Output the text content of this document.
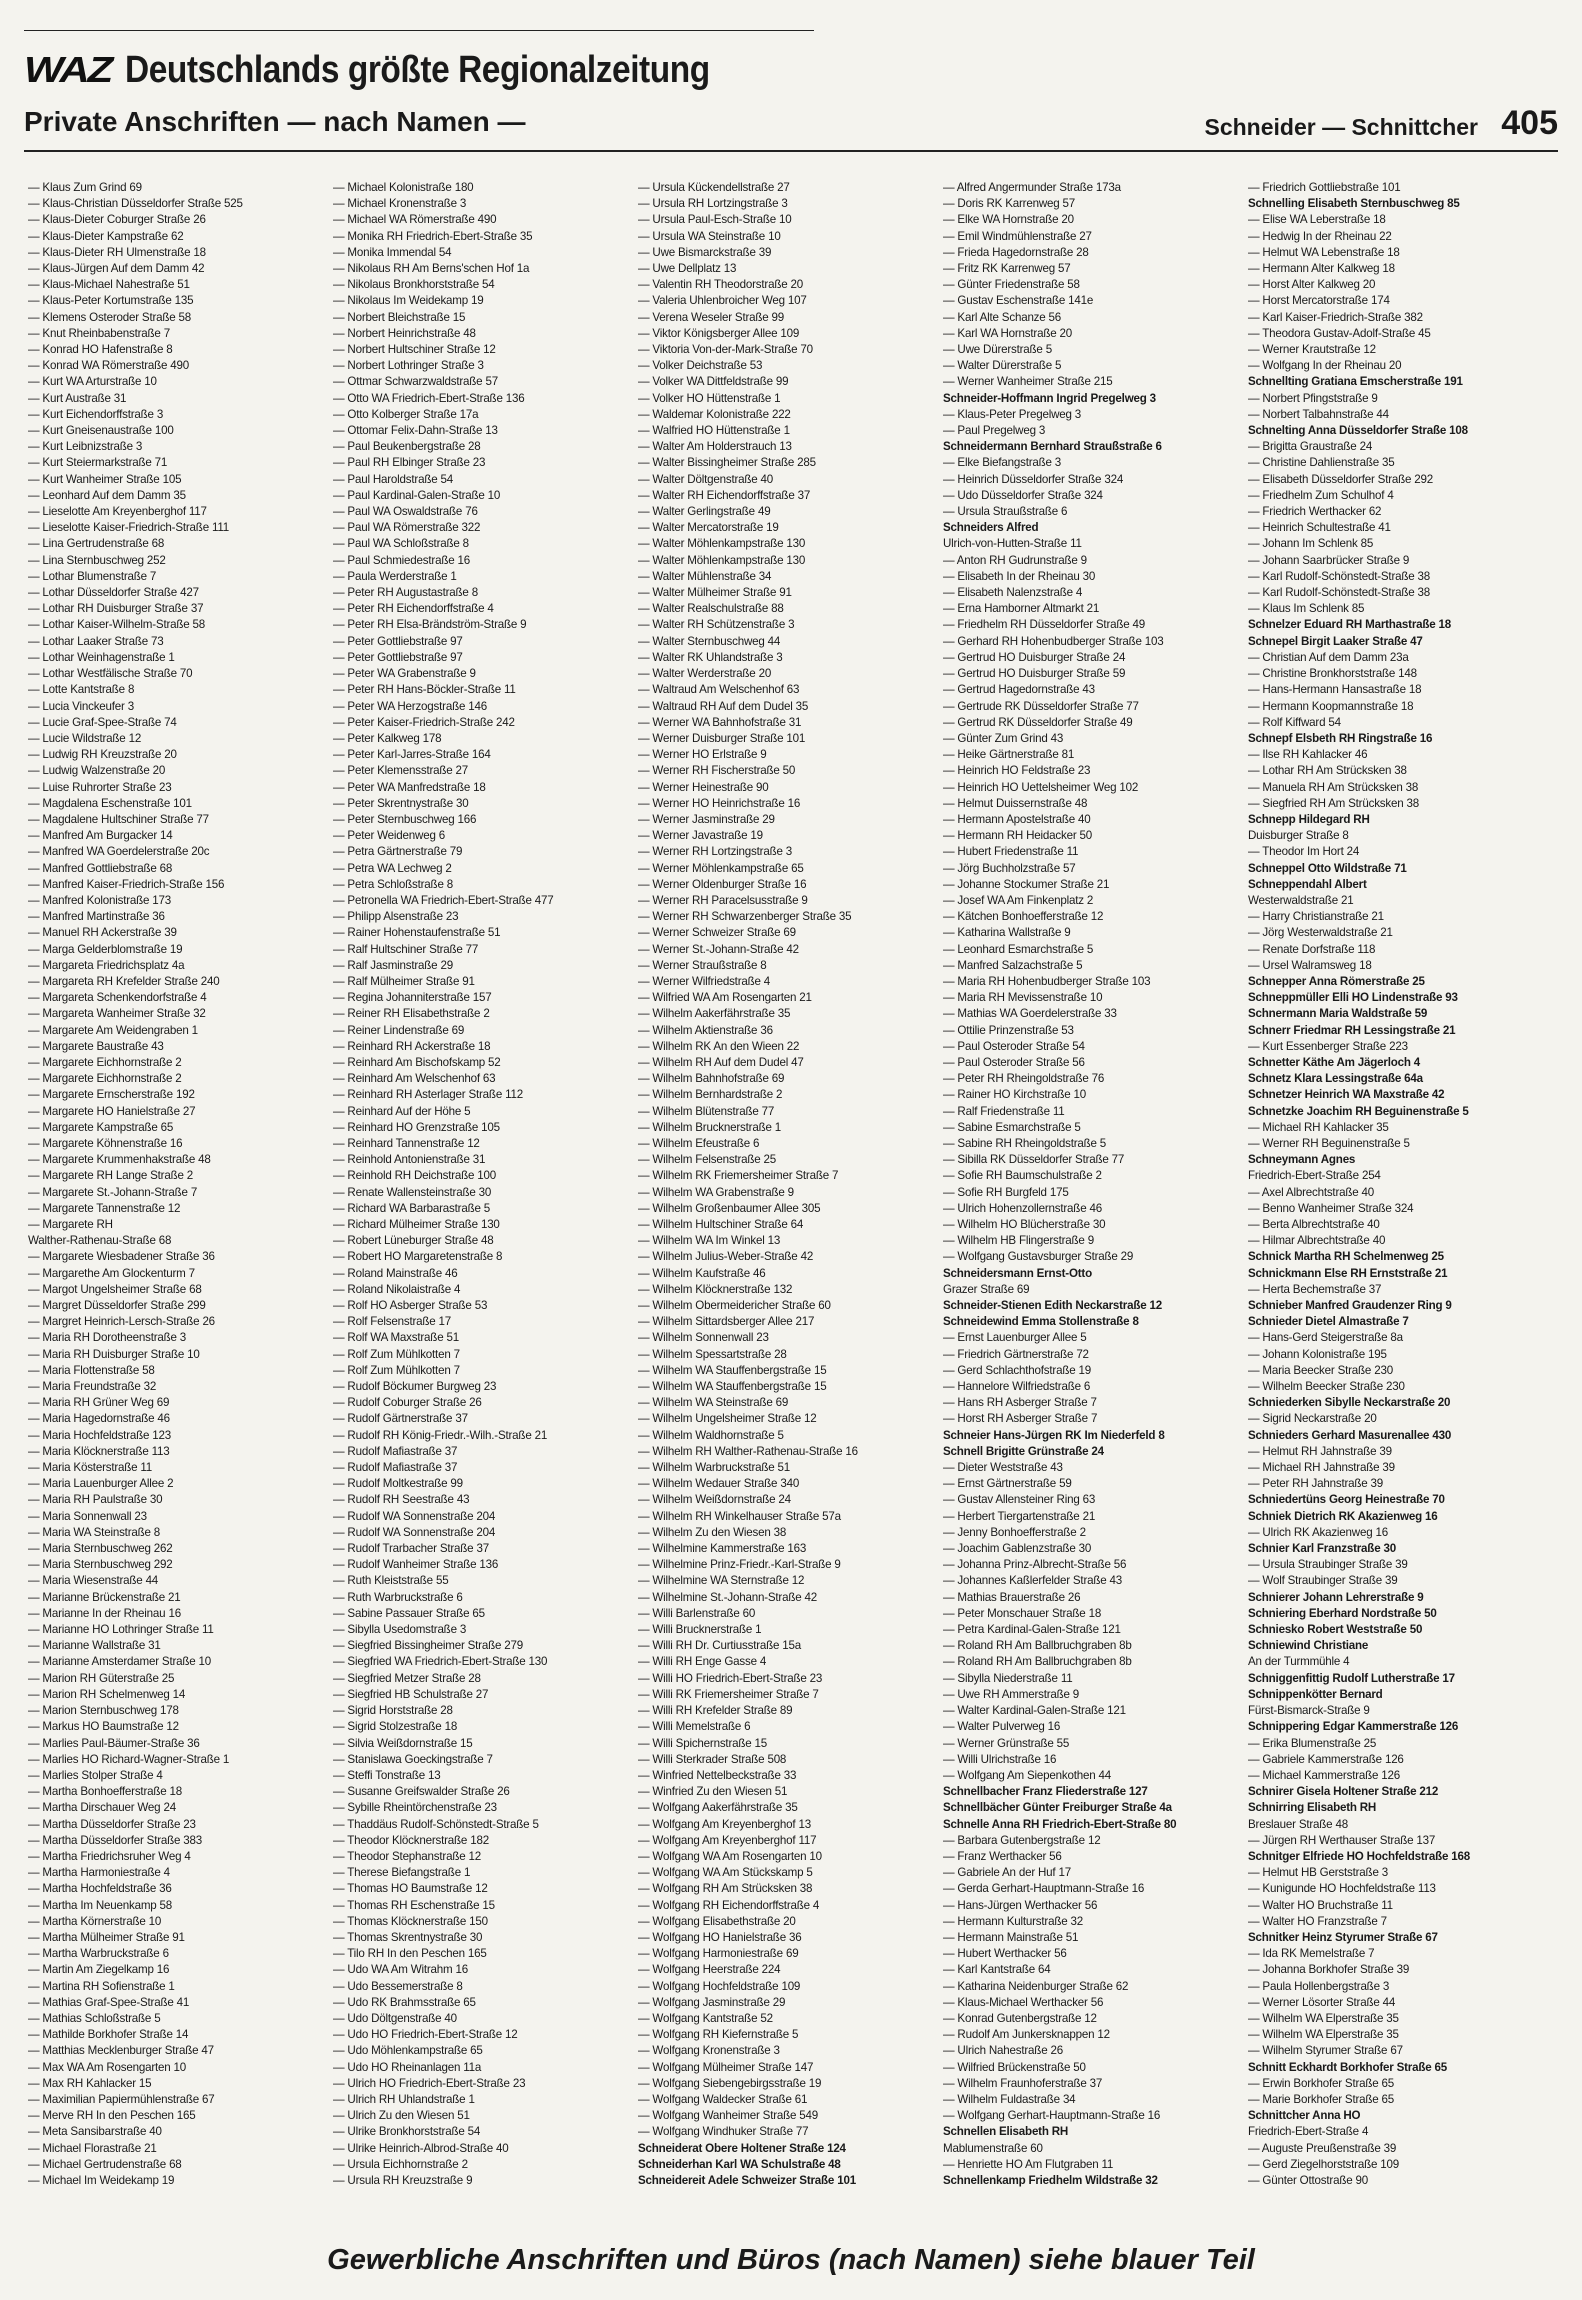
WAZ Deutschlands größte Regionalzeitung
Private Anschriften — nach Namen —	Schneider — Schnittcher 405
— Klaus Zum Grind 69
— Klaus-Christian Düsseldorfer Straße 525
— Klaus-Dieter Coburger Straße 26
— Klaus-Dieter Kampstraße 62
— Klaus-Dieter RH Ulmenstraße 18
— Klaus-Jürgen Auf dem Damm 42
— Klaus-Michael Nahestraße 51
— Klaus-Peter Kortumstraße 135
— Klemens Osteroder Straße 58
— Knut Rheinbabenstraße 7
— Konrad HO Hafenstraße 8
— Konrad WA Römerstraße 490
— Kurt WA Arturstraße 10
— Kurt Austraße 31
— Kurt Eichendorffstraße 3
— Kurt Gneisenaustraße 100
— Kurt Leibnizstraße 3
— Kurt Steiermarkstraße 71
— Kurt Wanheimer Straße 105
— Leonhard Auf dem Damm 35
— Lieselotte Am Kreyenberghof 117
— Lieselotte Kaiser-Friedrich-Straße 111
— Lina Gertrudenstraße 68
— Lina Sternbuschweg 252
— Lothar Blumenstraße 7
— Lothar Düsseldorfer Straße 427
— Lothar RH Duisburger Straße 37
— Lothar Kaiser-Wilhelm-Straße 58
— Lothar Laaker Straße 73
— Lothar Weinhagenstraße 1
— Lothar Westfälische Straße 70
— Lotte Kantstraße 8
— Lucia Vinckeufer 3
— Lucie Graf-Spee-Straße 74
— Lucie Wildstraße 12
— Ludwig RH Kreuzstraße 20
— Ludwig Walzenstraße 20
— Luise Ruhrorter Straße 23
— Magdalena Eschenstraße 101
— Magdalene Hultschiner Straße 77
— Manfred Am Burgacker 14
— Manfred WA Goerdelerstraße 20c
— Manfred Gottliebstraße 68
— Manfred Kaiser-Friedrich-Straße 156
— Manfred Kolonistraße 173
— Manfred Martinstraße 36
— Manuel RH Ackerstraße 39
— Marga Gelderblomstraße 19
— Margareta Friedrichsplatz 4a
— Margareta RH Krefelder Straße 240
— Margareta Schenkendorfstraße 4
— Margareta Wanheimer Straße 32
— Margarete Am Weidengraben 1
— Margarete Baustraße 43
— Margarete Eichhornstraße 2
— Margarete Eichhornstraße 2
— Margarete Ernscherstraße 192
— Margarete HO Hanielstraße 27
— Margarete Kampstraße 65
— Margarete Köhnenstraße 16
— Margarete Krummenhakstraße 48
— Margarete RH Lange Straße 2
— Margarete St.-Johann-Straße 7
— Margarete Tannenstraße 12
— Margarete RH
Walther-Rathenau-Straße 68
— Margarete Wiesbadener Straße 36
— Margarethe Am Glockenturm 7
— Margot Ungelsheimer Straße 68
— Margret Düsseldorfer Straße 299
— Margret Heinrich-Lersch-Straße 26
— Maria RH Dorotheenstraße 3
— Maria RH Duisburger Straße 10
— Maria Flottenstraße 58
— Maria Freundstraße 32
— Maria RH Grüner Weg 69
— Maria Hagedornstraße 46
— Maria Hochfeldstraße 123
— Maria Klöcknerstraße 113
— Maria Kösterstraße 11
— Maria Lauenburger Allee 2
— Maria RH Paulstraße 30
— Maria Sonnenwall 23
— Maria WA Steinstraße 8
— Maria Sternbuschweg 262
— Maria Sternbuschweg 292
— Maria Wiesenstraße 44
— Marianne Brückenstraße 21
— Marianne In der Rheinau 16
— Marianne HO Lothringer Straße 11
— Marianne Wallstraße 31
— Marianne Amsterdamer Straße 10
— Marion RH Güterstraße 25
— Marion RH Schelmenweg 14
— Marion Sternbuschweg 178
— Markus HO Baumstraße 12
— Marlies Paul-Bäumer-Straße 36
— Marlies HO Richard-Wagner-Straße 1
— Marlies Stolper Straße 4
— Martha Bonhoefferstraße 18
— Martha Dirschauer Weg 24
— Martha Düsseldorfer Straße 23
— Martha Düsseldorfer Straße 383
— Martha Friedrichsruher Weg 4
— Martha Harmoniestraße 4
— Martha Hochfeldstraße 36
— Martha Im Neuenkamp 58
— Martha Körnerstraße 10
— Martha Mülheimer Straße 91
— Martha Warbruckstraße 6
— Martin Am Ziegelkamp 16
— Martina RH Sofienstraße 1
— Mathias Graf-Spee-Straße 41
— Mathias Schloßstraße 5
— Mathilde Borkhofer Straße 14
— Matthias Mecklenburger Straße 47
— Max WA Am Rosengarten 10
— Max RH Kahlacker 15
— Maximilian Papiermühlenstraße 67
— Merve RH In den Peschen 165
— Meta Sansibarstraße 40
— Michael Florastraße 21
— Michael Gertrudenstraße 68
— Michael Im Weidekamp 19
— Michael Kolonistraße 180
— Michael Kronenstraße 3
— Michael WA Römerstraße 490
— Monika RH Friedrich-Ebert-Straße 35
— Monika Immendal 54
— Nikolaus RH Am Berns'schen Hof 1a
— Nikolaus Bronkhorststraße 54
— Nikolaus Im Weidekamp 19
— Norbert Bleichstraße 15
— Norbert Heinrichstraße 48
— Norbert Hultschiner Straße 12
— Norbert Lothringer Straße 3
— Ottmar Schwarzwaldstraße 57
— Otto WA Friedrich-Ebert-Straße 136
— Otto Kolberger Straße 17a
— Ottomar Felix-Dahn-Straße 13
— Paul Beukenbergstraße 28
— Paul RH Elbinger Straße 23
— Paul Haroldstraße 54
— Paul Kardinal-Galen-Straße 10
— Paul WA Oswaldstraße 76
— Paul WA Römerstraße 322
— Paul WA Schloßstraße 8
— Paul Schmiedestraße 16
— Paula Werderstraße 1
— Peter RH Augustastraße 8
— Peter RH Eichendorffstraße 4
— Peter RH Elsa-Brändström-Straße 9
— Peter Gottliebstraße 97
— Peter Gottliebstraße 97
— Peter WA Grabenstraße 9
— Peter RH Hans-Böckler-Straße 11
— Peter WA Herzogstraße 146
— Peter Kaiser-Friedrich-Straße 242
— Peter Kalkweg 178
— Peter Karl-Jarres-Straße 164
— Peter Klemensstraße 27
— Peter WA Manfredstraße 18
— Peter Skrentnystraße 30
— Peter Sternbuschweg 166
— Peter Weidenweg 6
— Petra Gärtnerstraße 79
— Petra WA Lechweg 2
— Petra Schloßstraße 8
— Petronella WA Friedrich-Ebert-Straße 477
— Philipp Alsenstraße 23
— Rainer Hohenstaufenstraße 51
— Ralf Hultschiner Straße 77
— Ralf Jasminstraße 29
— Ralf Mülheimer Straße 91
— Regina Johanniterstraße 157
— Reiner RH Elisabethstraße 2
— Reiner Lindenstraße 69
— Reinhard RH Ackerstraße 18
— Reinhard Am Bischofskamp 52
— Reinhard Am Welschenhof 63
— Reinhard RH Asterlager Straße 112
— Reinhard Auf der Höhe 5
— Reinhard HO Grenzstraße 105
— Reinhard Tannenstraße 12
— Reinhold Antonienstraße 31
— Reinhold RH Deichstraße 100
— Renate Wallensteinstraße 30
— Richard WA Barbarastraße 5
— Richard Mülheimer Straße 130
— Robert Lüneburger Straße 48
— Robert HO Margaretenstraße 8
— Roland Mainstraße 46
— Roland Nikolaistraße 4
— Rolf HO Asberger Straße 53
— Rolf Felsenstraße 17
— Rolf WA Maxstraße 51
— Rolf Zum Mühlkotten 7
— Rolf Zum Mühlkotten 7
— Rudolf Böckumer Burgweg 23
— Rudolf Coburger Straße 26
— Rudolf Gärtnerstraße 37
— Rudolf RH König-Friedr.-Wilh.-Straße 21
— Rudolf Mafiastraße 37
— Rudolf Mafiastraße 37
— Rudolf Moltkestraße 99
— Rudolf RH Seestraße 43
— Rudolf WA Sonnenstraße 204
— Rudolf WA Sonnenstraße 204
— Rudolf Trarbacher Straße 37
— Rudolf Wanheimer Straße 136
— Ruth Kleiststraße 55
— Ruth Warbruckstraße 6
— Sabine Passauer Straße 65
— Sibylla Usedomstraße 3
— Siegfried Bissingheimer Straße 279
— Siegfried WA Friedrich-Ebert-Straße 130
— Siegfried Metzer Straße 28
— Siegfried HB Schulstraße 27
— Sigrid Horststraße 28
— Sigrid Stolzestraße 18
— Silvia Weißdornstraße 15
— Stanislawa Goeckingstraße 7
— Steffi Tonstraße 13
— Susanne Greifswalder Straße 26
— Sybille Rheintörchenstraße 23
— Thaddäus Rudolf-Schönstedt-Straße 5
— Theodor Klöcknerstraße 182
— Theodor Stephanstraße 12
— Therese Biefangstraße 1
— Thomas HO Baumstraße 12
— Thomas RH Eschenstraße 15
— Thomas Klöcknerstraße 150
— Thomas Skrentnystraße 30
— Tilo RH In den Peschen 165
— Udo WA Am Witrahm 16
— Udo Bessemerstraße 8
— Udo RK Brahmsstraße 65
— Udo Döltgenstraße 40
— Udo HO Friedrich-Ebert-Straße 12
— Udo Möhlenkampstraße 65
— Udo HO Rheinanlagen 11a
— Ulrich HO Friedrich-Ebert-Straße 23
— Ulrich RH Uhlandstraße 1
— Ulrich Zu den Wiesen 51
— Ulrike Bronkhorststraße 54
— Ulrike Heinrich-Albrod-Straße 40
— Ursula Eichhornstraße 2
— Ursula RH Kreuzstraße 9
— Ursula Kückendellstraße 27
— Ursula RH Lortzingstraße 3
— Ursula Paul-Esch-Straße 10
— Ursula WA Steinstraße 10
— Uwe Bismarckstraße 39
— Uwe Dellplatz 13
— Valentin RH Theodorstraße 20
— Valeria Uhlenbroicher Weg 107
— Verena Weseler Straße 99
— Viktor Königsberger Allee 109
— Viktoria Von-der-Mark-Straße 70
— Volker Deichstraße 53
— Volker WA Dittfeldstraße 99
— Volker HO Hüttenstraße 1
— Waldemar Kolonistraße 222
— Walfried HO Hüttenstraße 1
— Walter Am Holderstrauch 13
— Walter Bissingheimer Straße 285
— Walter Döltgenstraße 40
— Walter RH Eichendorffstraße 37
— Walter Gerlingstraße 49
— Walter Mercatorstraße 19
— Walter Möhlenkampstraße 130
— Walter Möhlenkampstraße 130
— Walter Mühlenstraße 34
— Walter Mülheimer Straße 91
— Walter Realschulstraße 88
— Walter RH Schützenstraße 3
— Walter Sternbuschweg 44
— Walter RK Uhlandstraße 3
— Walter Werderstraße 20
— Waltraud Am Welschenhof 63
— Waltraud RH Auf dem Dudel 35
— Werner WA Bahnhofstraße 31
— Werner Duisburger Straße 101
— Werner HO Erlstraße 9
— Werner RH Fischerstraße 50
— Werner Heinestraße 90
— Werner HO Heinrichstraße 16
— Werner Jasminstraße 29
— Werner Javastraße 19
— Werner RH Lortzingstraße 3
— Werner Möhlenkampstraße 65
— Werner Oldenburger Straße 16
— Werner RH Paracelsusstraße 9
— Werner RH Schwarzenberger Straße 35
— Werner Schweizer Straße 69
— Werner St.-Johann-Straße 42
— Werner Straußstraße 8
— Werner Wilfriedstraße 4
— Wilfried WA Am Rosengarten 21
— Wilhelm Aakerfährstraße 35
— Wilhelm Aktienstraße 36
— Wilhelm RK An den Wieen 22
— Wilhelm RH Auf dem Dudel 47
— Wilhelm Bahnhofstraße 69
— Wilhelm Bernhardstraße 2
— Wilhelm Blütenstraße 77
— Wilhelm Brucknerstraße 1
— Wilhelm Efeustraße 6
— Wilhelm Felsenstraße 25
— Wilhelm RK Friemersheimer Straße 7
— Wilhelm WA Grabenstraße 9
— Wilhelm Großenbaumer Allee 305
— Wilhelm Hultschiner Straße 64
— Wilhelm WA Im Winkel 13
— Wilhelm Julius-Weber-Straße 42
— Wilhelm Kaufstraße 46
— Wilhelm Klöcknerstraße 132
— Wilhelm Obermeidericher Straße 60
— Wilhelm Sittardsberger Allee 217
— Wilhelm Sonnenwall 23
— Wilhelm Spessartstraße 28
— Wilhelm WA Stauffenbergstraße 15
— Wilhelm WA Stauffenbergstraße 15
— Wilhelm WA Steinstraße 69
— Wilhelm Ungelsheimer Straße 12
— Wilhelm Waldhornstraße 5
— Wilhelm RH Walther-Rathenau-Straße 16
— Wilhelm Warbruckstraße 51
— Wilhelm Wedauer Straße 340
— Wilhelm Weißdornstraße 24
— Wilhelm RH Winkelhauser Straße 57a
— Wilhelm Zu den Wiesen 38
— Wilhelmine Kammerstraße 163
— Wilhelmine Prinz-Friedr.-Karl-Straße 9
— Wilhelmine WA Sternstraße 12
— Wilhelmine St.-Johann-Straße 42
— Willi Barlenstraße 60
— Willi Brucknerstraße 1
— Willi RH Dr. Curtiusstraße 15a
— Willi RH Enge Gasse 4
— Willi HO Friedrich-Ebert-Straße 23
— Willi RK Friemersheimer Straße 7
— Willi RH Krefelder Straße 89
— Willi Memelstraße 6
— Willi Spichernstraße 15
— Willi Sterkrader Straße 508
— Winfried Nettelbeckstraße 33
— Winfried Zu den Wiesen 51
— Wolfgang Aakerfährstraße 35
— Wolfgang Am Kreyenberghof 13
— Wolfgang Am Kreyenberghof 117
— Wolfgang WA Am Rosengarten 10
— Wolfgang WA Am Stückskamp 5
— Wolfgang RH Am Strücksken 38
— Wolfgang RH Eichendorffstraße 4
— Wolfgang Elisabethstraße 20
— Wolfgang HO Hanielstraße 36
— Wolfgang Harmoniestraße 69
— Wolfgang Heerstraße 224
— Wolfgang Hochfeldstraße 109
— Wolfgang Jasminstraße 29
— Wolfgang Kantstraße 52
— Wolfgang RH Kiefernstraße 5
— Wolfgang Kronenstraße 3
— Wolfgang Mülheimer Straße 147
— Wolfgang Siebengebirgsstraße 19
— Wolfgang Waldecker Straße 61
— Wolfgang Wanheimer Straße 549
— Wolfgang Windhuker Straße 77
Schneiderat Obere Holtener Straße 124
Schneiderhan Karl WA Schulstraße 48
Schneidereit Adele Schweizer Straße 101
— Alfred Angermunder Straße 173a
— Doris RK Karrenweg 57
— Elke WA Hornstraße 20
— Emil Windmühlenstraße 27
— Frieda Hagedornstraße 28
— Fritz RK Karrenweg 57
— Günter Friedenstraße 58
— Gustav Eschenstraße 141e
— Karl Alte Schanze 56
— Karl WA Hornstraße 20
— Uwe Dürerstraße 5
— Walter Dürerstraße 5
— Werner Wanheimer Straße 215
Schneider-Hoffmann Ingrid Pregelweg 3
— Klaus-Peter Pregelweg 3
— Paul Pregelweg 3
Schneidermann Bernhard Straußstraße 6
— Elke Biefangstraße 3
— Heinrich Düsseldorfer Straße 324
— Udo Düsseldorfer Straße 324
— Ursula Straußstraße 6
Schneiders Alfred
Ulrich-von-Hutten-Straße 11
— Anton RH Gudrunstraße 9
— Elisabeth In der Rheinau 30
— Elisabeth Nalenzstraße 4
— Erna Hamborner Altmarkt 21
— Friedhelm RH Düsseldorfer Straße 49
— Gerhard RH Hohenbudberger Straße 103
— Gertrud HO Duisburger Straße 24
— Gertrud HO Duisburger Straße 59
— Gertrud Hagedornstraße 43
— Gertrude RK Düsseldorfer Straße 77
— Gertrud RK Düsseldorfer Straße 49
— Günter Zum Grind 43
— Heike Gärtnerstraße 81
— Heinrich HO Feldstraße 23
— Heinrich HO Uettelsheimer Weg 102
— Helmut Duissernstraße 48
— Hermann Apostelstraße 40
— Hermann RH Heidacker 50
— Hubert Friedenstraße 11
— Jörg Buchholzstraße 57
— Johanne Stockumer Straße 21
— Josef WA Am Finkenplatz 2
— Kätchen Bonhoefferstraße 12
— Katharina Wallstraße 9
— Leonhard Esmarchstraße 5
— Manfred Salzachstraße 5
— Maria RH Hohenbudberger Straße 103
— Maria RH Mevissenstraße 10
— Mathias WA Goerdelerstraße 33
— Ottilie Prinzenstraße 53
— Paul Osteroder Straße 54
— Paul Osteroder Straße 56
— Peter RH Rheingoldstraße 76
— Rainer HO Kirchstraße 10
— Ralf Friedenstraße 11
— Sabine Esmarchstraße 5
— Sabine RH Rheingoldstraße 5
— Sibilla RK Düsseldorfer Straße 77
— Sofie RH Baumschulstraße 2
— Sofie RH Burgfeld 175
— Ulrich Hohenzollernstraße 46
— Wilhelm HO Blücherstraße 30
— Wilhelm HB Flingerstraße 9
— Wolfgang Gustavsburger Straße 29
Schneidersmann Ernst-Otto
Grazer Straße 69
Schneider-Stienen Edith Neckarstraße 12
Schneidewind Emma Stollenstraße 8
— Ernst Lauenburger Allee 5
— Friedrich Gärtnerstraße 72
— Gerd Schlachthofstraße 19
— Hannelore Wilfriedstraße 6
— Hans RH Asberger Straße 7
— Horst RH Asberger Straße 7
Schneier Hans-Jürgen RK Im Niederfeld 8
Schnell Brigitte Grünstraße 24
— Dieter Weststraße 43
— Ernst Gärtnerstraße 59
— Gustav Allensteiner Ring 63
— Herbert Tiergartenstraße 21
— Jenny Bonhoefferstraße 2
— Joachim Gablenzstraße 30
— Johanna Prinz-Albrecht-Straße 56
— Johannes Kaßlerfelder Straße 43
— Mathias Brauerstraße 26
— Peter Monschauer Straße 18
— Petra Kardinal-Galen-Straße 121
— Roland RH Am Ballbruchgraben 8b
— Roland RH Am Ballbruchgraben 8b
— Sibylla Niederstraße 11
— Uwe RH Ammerstraße 9
— Walter Kardinal-Galen-Straße 121
— Walter Pulverweg 16
— Werner Grünstraße 55
— Willi Ulrichstraße 16
— Wolfgang Am Siepenkothen 44
Schnellbacher Franz Fliederstraße 127
Schnellbächer Günter Freiburger Straße 4a
Schnelle Anna RH Friedrich-Ebert-Straße 80
— Barbara Gutenbergstraße 12
— Franz Werthacker 56
— Gabriele An der Huf 17
— Gerda Gerhart-Hauptmann-Straße 16
— Hans-Jürgen Werthacker 56
— Hermann Kulturstraße 32
— Hermann Mainstraße 51
— Hubert Werthacker 56
— Karl Kantstraße 64
— Katharina Neidenburger Straße 62
— Klaus-Michael Werthacker 56
— Konrad Gutenbergstraße 12
— Rudolf Am Junkersknappen 12
— Ulrich Nahestraße 26
— Wilfried Brückenstraße 50
— Wilhelm Fraunhoferstraße 37
— Wilhelm Fuldastraße 34
— Wolfgang Gerhart-Hauptmann-Straße 16
Schnellen Elisabeth RH
Mablumenstraße 60
— Henriette HO Am Flutgraben 11
Schnellenkamp Friedhelm Wildstraße 32
— Friedrich Gottliebstraße 101
Schnelling Elisabeth Sternbuschweg 85
— Elise WA Leberstraße 18
— Hedwig In der Rheinau 22
— Helmut WA Lebenstraße 18
— Hermann Alter Kalkweg 18
— Horst Alter Kalkweg 20
— Horst Mercatorstraße 174
— Karl Kaiser-Friedrich-Straße 382
— Theodora Gustav-Adolf-Straße 45
— Werner Krautstraße 12
— Wolfgang In der Rheinau 20
Schnellting Gratiana Emscherstraße 191
— Norbert Pfingststraße 9
— Norbert Talbahnstraße 44
Schnelting Anna Düsseldorfer Straße 108
— Brigitta Graustraße 24
— Christine Dahlienstraße 35
— Elisabeth Düsseldorfer Straße 292
— Friedhelm Zum Schulhof 4
— Friedrich Werthacker 62
— Heinrich Schultestraße 41
— Johann Im Schlenk 85
— Johann Saarbrücker Straße 9
— Karl Rudolf-Schönstedt-Straße 38
— Karl Rudolf-Schönstedt-Straße 38
— Klaus Im Schlenk 85
Schnelzer Eduard RH Marthastraße 18
Schnepel Birgit Laaker Straße 47
— Christian Auf dem Damm 23a
— Christine Bronkhorststraße 148
— Hans-Hermann Hansastraße 18
— Hermann Koopmannstraße 18
— Rolf Kiffward 54
Schnepf Elsbeth RH Ringstraße 16
— Ilse RH Kahlacker 46
— Lothar RH Am Strücksken 38
— Manuela RH Am Strücksken 38
— Siegfried RH Am Strücksken 38
Schnepp Hildegard RH
Duisburger Straße 8
— Theodor Im Hort 24
Schneppel Otto Wildstraße 71
Schneppendahl Albert
Westerwaldstraße 21
— Harry Christianstraße 21
— Jörg Westerwaldstraße 21
— Renate Dorfstraße 118
— Ursel Walramsweg 18
Schnepper Anna Römerstraße 25
Schneppmüller Elli HO Lindenstraße 93
Schnermann Maria Waldstraße 59
Schnerr Friedmar RH Lessingstraße 21
— Kurt Essenberger Straße 223
Schnetter Käthe Am Jägerloch 4
Schnetz Klara Lessingstraße 64a
Schnetzer Heinrich WA Maxstraße 42
Schnetzke Joachim RH Beguinenstraße 5
— Michael RH Kahlacker 35
— Werner RH Beguinenstraße 5
Schneymann Agnes
Friedrich-Ebert-Straße 254
— Axel Albrechtstraße 40
— Benno Wanheimer Straße 324
— Berta Albrechtstraße 40
— Hilmar Albrechtstraße 40
Schnick Martha RH Schelmenweg 25
Schnickmann Else RH Ernststraße 21
— Herta Bechemstraße 37
Schnieber Manfred Graudenzer Ring 9
Schnieder Dietel Almastraße 7
— Hans-Gerd Steigerstraße 8a
— Johann Kolonistraße 195
— Maria Beecker Straße 230
— Wilhelm Beecker Straße 230
Schniederken Sibylle Neckarstraße 20
— Sigrid Neckarstraße 20
Schnieders Gerhard Masurenallee 430
— Helmut RH Jahnstraße 39
— Michael RH Jahnstraße 39
— Peter RH Jahnstraße 39
Schniedertüns Georg Heinestraße 70
Schniek Dietrich RK Akazienweg 16
— Ulrich RK Akazienweg 16
Schnier Karl Franzstraße 30
— Ursula Straubinger Straße 39
— Wolf Straubinger Straße 39
Schnierer Johann Lehrerstraße 9
Schniering Eberhard Nordstraße 50
Schniesko Robert Weststraße 50
Schniewind Christiane
An der Turmmühle 4
Schniggenfittig Rudolf Lutherstraße 17
Schnippenkötter Bernard
Fürst-Bismarck-Straße 9
Schnippering Edgar Kammerstraße 126
— Erika Blumenstraße 25
— Gabriele Kammerstraße 126
— Michael Kammerstraße 126
Schnirer Gisela Holtener Straße 212
Schnirring Elisabeth RH
Breslauer Straße 48
— Jürgen RH Werthauser Straße 137
Schnitger Elfriede HO Hochfeldstraße 168
— Helmut HB Gerststraße 3
— Kunigunde HO Hochfeldstraße 113
— Walter HO Bruchstraße 11
— Walter HO Franzstraße 7
Schnitker Heinz Styrumer Straße 67
— Ida RK Memelstraße 7
— Johanna Borkhofer Straße 39
— Paula Hollenbergstraße 3
— Werner Lösorter Straße 44
— Wilhelm WA Elperstraße 35
— Wilhelm WA Elperstraße 35
— Wilhelm Styrumer Straße 67
Schnitt Eckhardt Borkhofer Straße 65
— Erwin Borkhofer Straße 65
— Marie Borkhofer Straße 65
Schnittcher Anna HO
Friedrich-Ebert-Straße 4
— Auguste Preußenstraße 39
— Gerd Ziegelhorststraße 109
— Günter Ottostraße 90
Gewerbliche Anschriften und Büros (nach Namen) siehe blauer Teil
